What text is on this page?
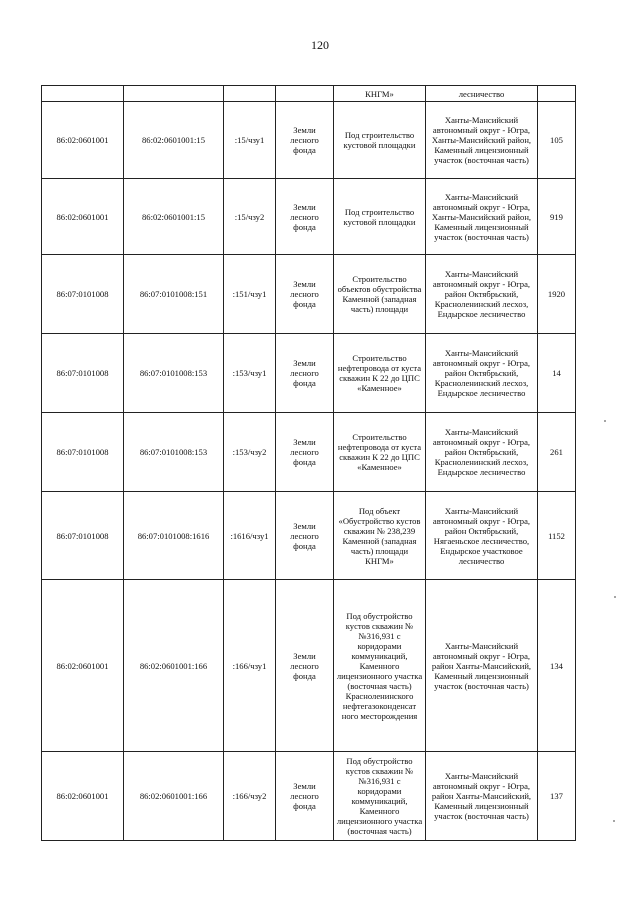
120
				КНГМ»	лесничество	
86:02:0601001	86:02:0601001:15	:15/чзу1	Земли лесного фонда	Под строительство кустовой площадки	Ханты-Мансийский автономный округ - Югра, Ханты-Мансийский район, Каменный лицензионный участок (восточная часть)	105
86:02:0601001	86:02:0601001:15	:15/чзу2	Земли лесного фонда	Под строительство кустовой площадки	Ханты-Мансийский автономный округ - Югра, Ханты-Мансийский район, Каменный лицензионный участок (восточная часть)	919
86:07:0101008	86:07:0101008:151	:151/чзу1	Земли лесного фонда	Строительство объектов обустройства Каменной (западная часть) площади	Ханты-Мансийский автономный округ - Югра, район Октябрьский, Красноленинский лесхоз, Ендырское лесничество	1920
86:07:0101008	86:07:0101008:153	:153/чзу1	Земли лесного фонда	Строительство нефтепровода от куста скважин К 22 до ЦПС «Каменное»	Ханты-Мансийский автономный округ - Югра, район Октябрьский, Красноленинский лесхоз, Ендырское лесничество	14
86:07:0101008	86:07:0101008:153	:153/чзу2	Земли лесного фонда	Строительство нефтепровода от куста скважин К 22 до ЦПС «Каменное»	Ханты-Мансийский автономный округ - Югра, район Октябрьский, Красноленинский лесхоз, Ендырское лесничество	261
86:07:0101008	86:07:0101008:1616	:1616/чзу1	Земли лесного фонда	Под объект «Обустройство кустов скважин № 238,239 Каменной (западная часть) площади КНГМ»	Ханты-Мансийский автономный округ - Югра, район Октябрьский, Нягаеньское лесничество, Ендырское участковое лесничество	1152
86:02:0601001	86:02:0601001:166	:166/чзу1	Земли лесного фонда	Под обустройство кустов скважин №№316,931 с коридорами коммуникаций, Каменного лицензионного участка (восточная часть) Красноленинского нефтегазоконденсат ного месторождения	Ханты-Мансийский автономный округ - Югра, район Ханты-Мансийский, Каменный лицензионный участок (восточная часть)	134
86:02:0601001	86:02:0601001:166	:166/чзу2	Земли лесного фонда	Под обустройство кустов скважин №№316,931 с коридорами коммуникаций, Каменного лицензионного участка (восточная часть)	Ханты-Мансийский автономный округ - Югра, район Ханты-Мансийский, Каменный лицензионный участок (восточная часть)	137
